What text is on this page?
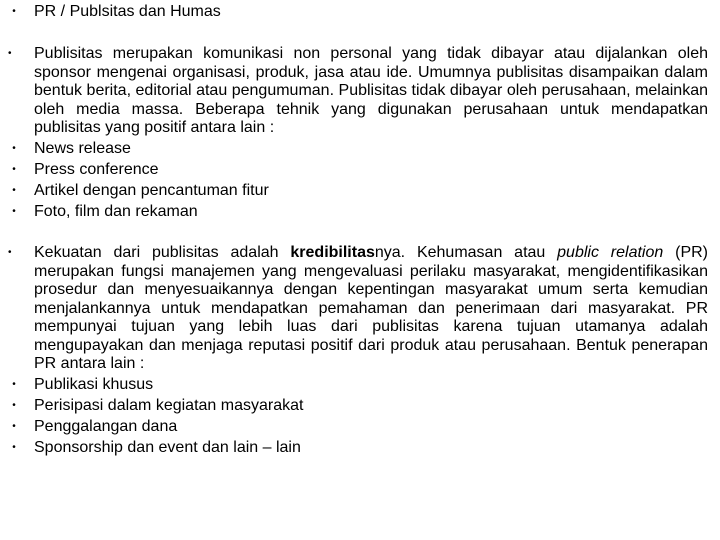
• PR / Publsitas dan Humas
•	Publisitas merupakan komunikasi non personal yang tidak dibayar atau dijalankan oleh sponsor mengenai organisasi, produk, jasa atau ide. Umumnya publisitas disampaikan dalam bentuk berita, editorial atau pengumuman. Publisitas tidak dibayar oleh perusahaan, melainkan oleh media massa. Beberapa tehnik yang digunakan perusahaan untuk mendapatkan publisitas yang positif antara lain :
• News release
• Press conference
• Artikel dengan pencantuman fitur
• Foto, film dan rekaman
•	Kekuatan dari publisitas adalah kredibilitasnya. Kehumasan atau public relation (PR) merupakan fungsi manajemen yang mengevaluasi perilaku masyarakat, mengidentifikasikan prosedur dan menyesuaikannya dengan kepentingan masyarakat umum serta kemudian menjalankannya untuk mendapatkan pemahaman dan penerimaan dari masyarakat. PR mempunyai tujuan yang lebih luas dari publisitas karena tujuan utamanya adalah mengupayakan dan menjaga reputasi positif dari produk atau perusahaan. Bentuk penerapan PR antara lain :
• Publikasi khusus
• Perisipasi dalam kegiatan masyarakat
• Penggalangan dana
• Sponsorship dan event dan lain – lain
